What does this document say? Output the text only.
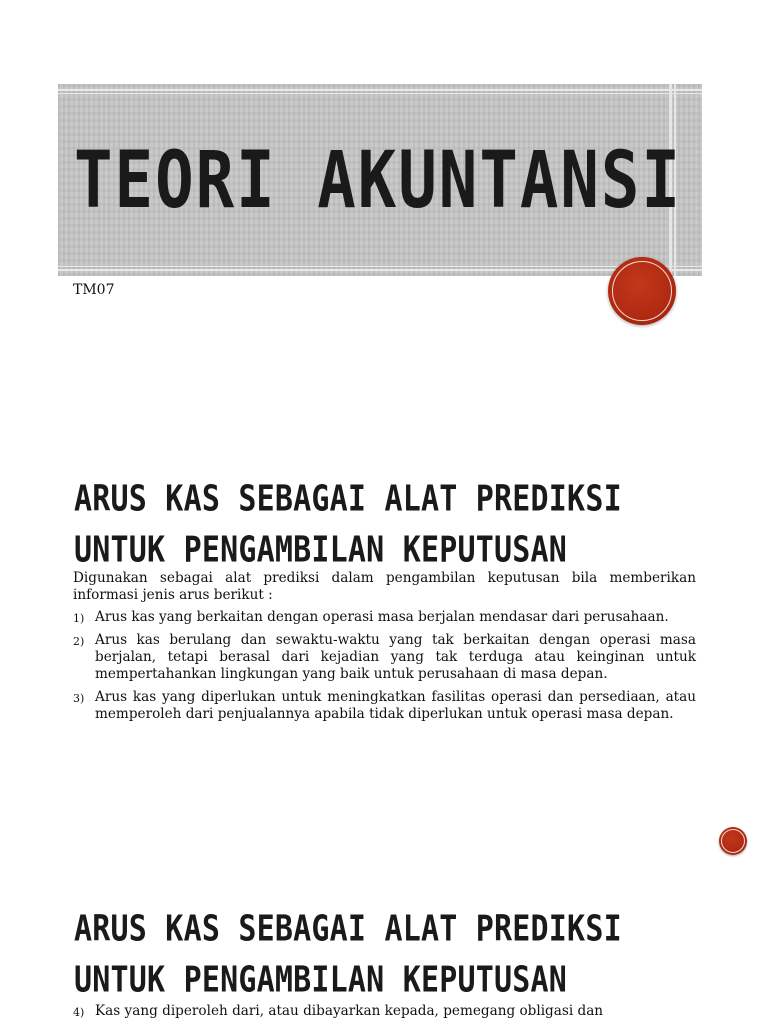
TEORI AKUNTANSI
TM07
ARUS KAS SEBAGAI ALAT PREDIKSI
UNTUK PENGAMBILAN KEPUTUSAN

Digunakan sebagai alat prediksi dalam pengambilan keputusan bila memberikan informasi jenis arus berikut :

1) Arus kas yang berkaitan dengan operasi masa berjalan mendasar dari perusahaan.
2) Arus kas berulang dan sewaktu-waktu yang tak berkaitan dengan operasi masa berjalan, tetapi berasal dari kejadian yang tak terduga atau keinginan untuk mempertahankan lingkungan yang baik untuk perusahaan di masa depan.
3) Arus kas yang diperlukan untuk meningkatkan fasilitas operasi dan persediaan, atau memperoleh dari penjualannya apabila tidak diperlukan untuk operasi masa depan.
ARUS KAS SEBAGAI ALAT PREDIKSI
UNTUK PENGAMBILAN KEPUTUSAN
4) Kas yang diperoleh dari, atau dibayarkan kepada, pemegang obligasi dan
